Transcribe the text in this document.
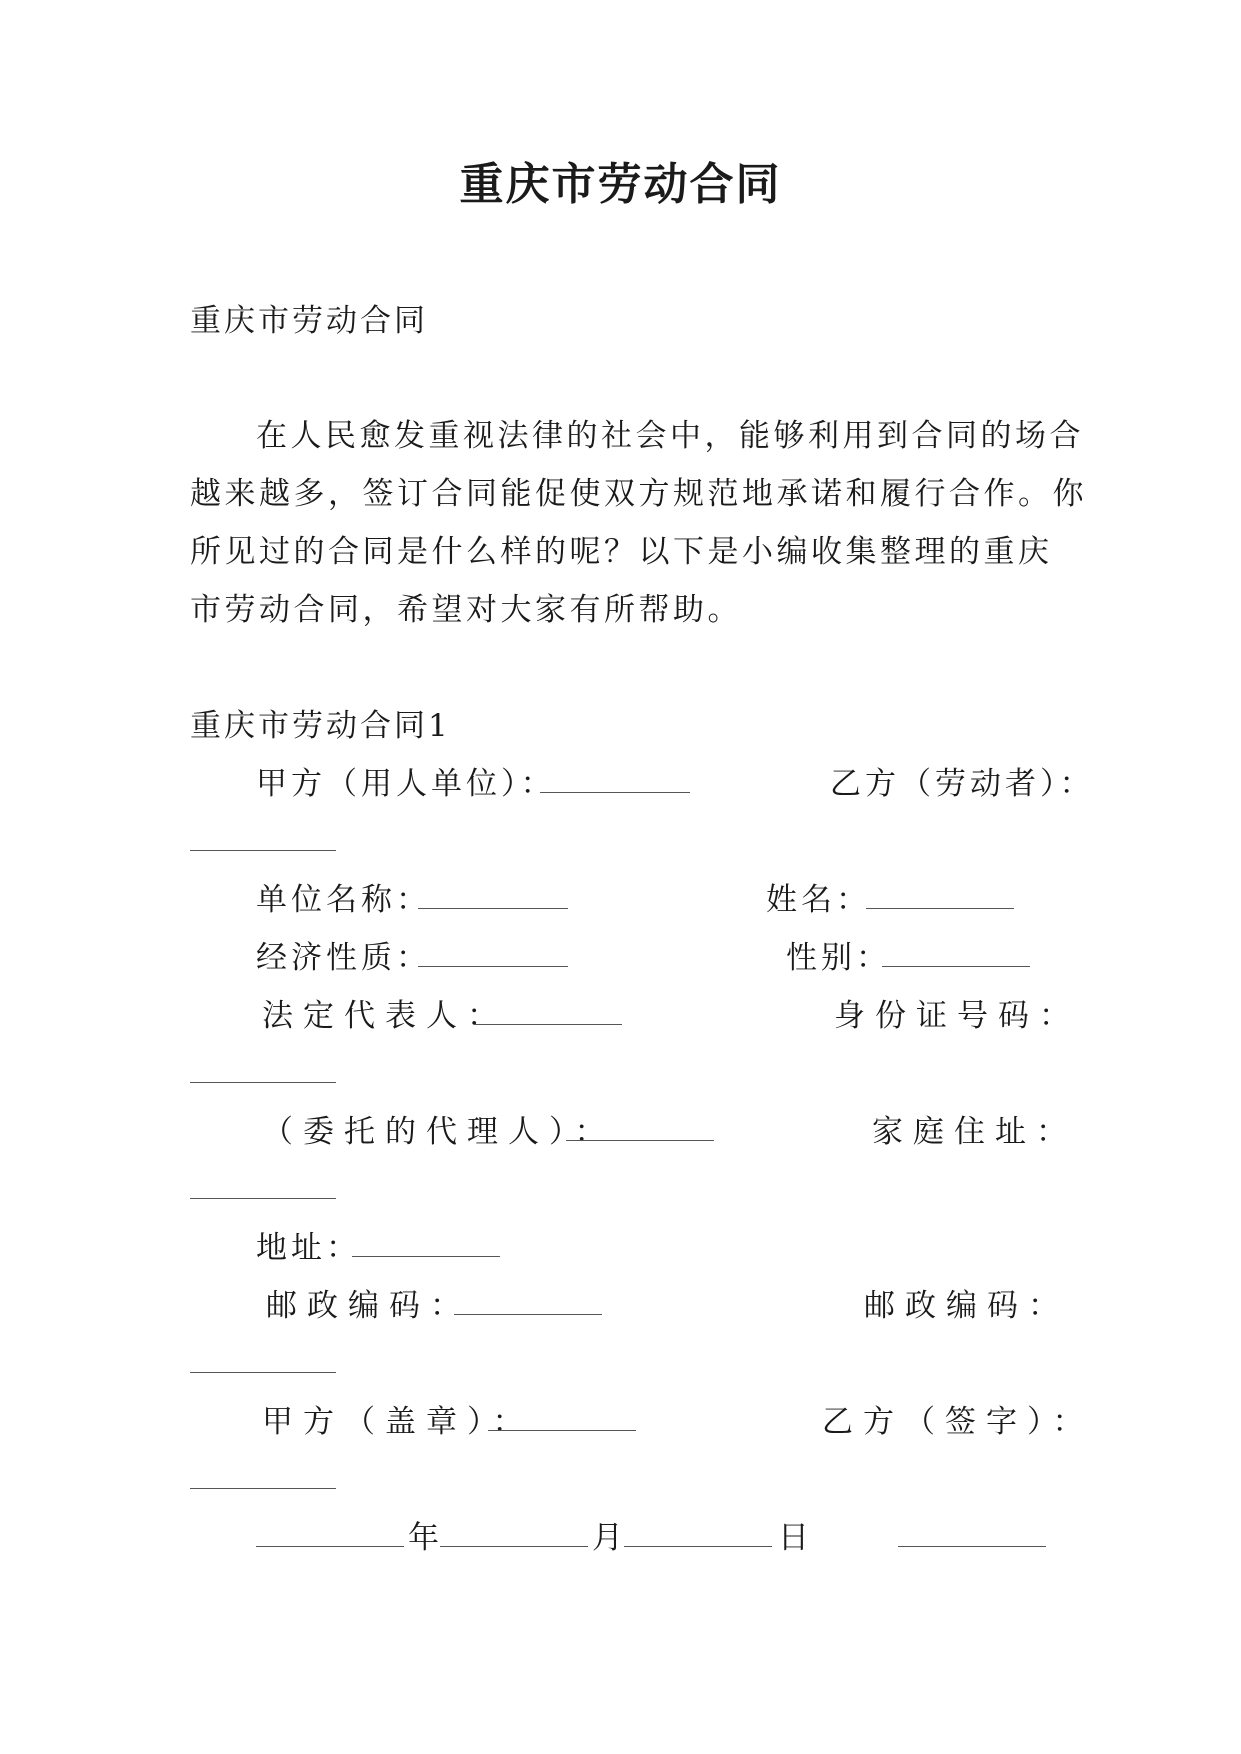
重庆市劳动合同
重庆市劳动合同
在人民愈发重视法律的社会中，能够利用到合同的场合
越来越多，签订合同能促使双方规范地承诺和履行合作。你
所见过的合同是什么样的呢？以下是小编收集整理的重庆
市劳动合同，希望对大家有所帮助。
重庆市劳动合同1
甲方（用人单位）：	乙方（劳动者）：
单位名称：	姓名：
经济性质：	性别：
法定代表人：	身份证号码：
（委托的代理人）：	家庭住址：
地址：
邮政编码：	邮政编码：
甲方（盖章）：	乙方（签字）：
年	月	日
